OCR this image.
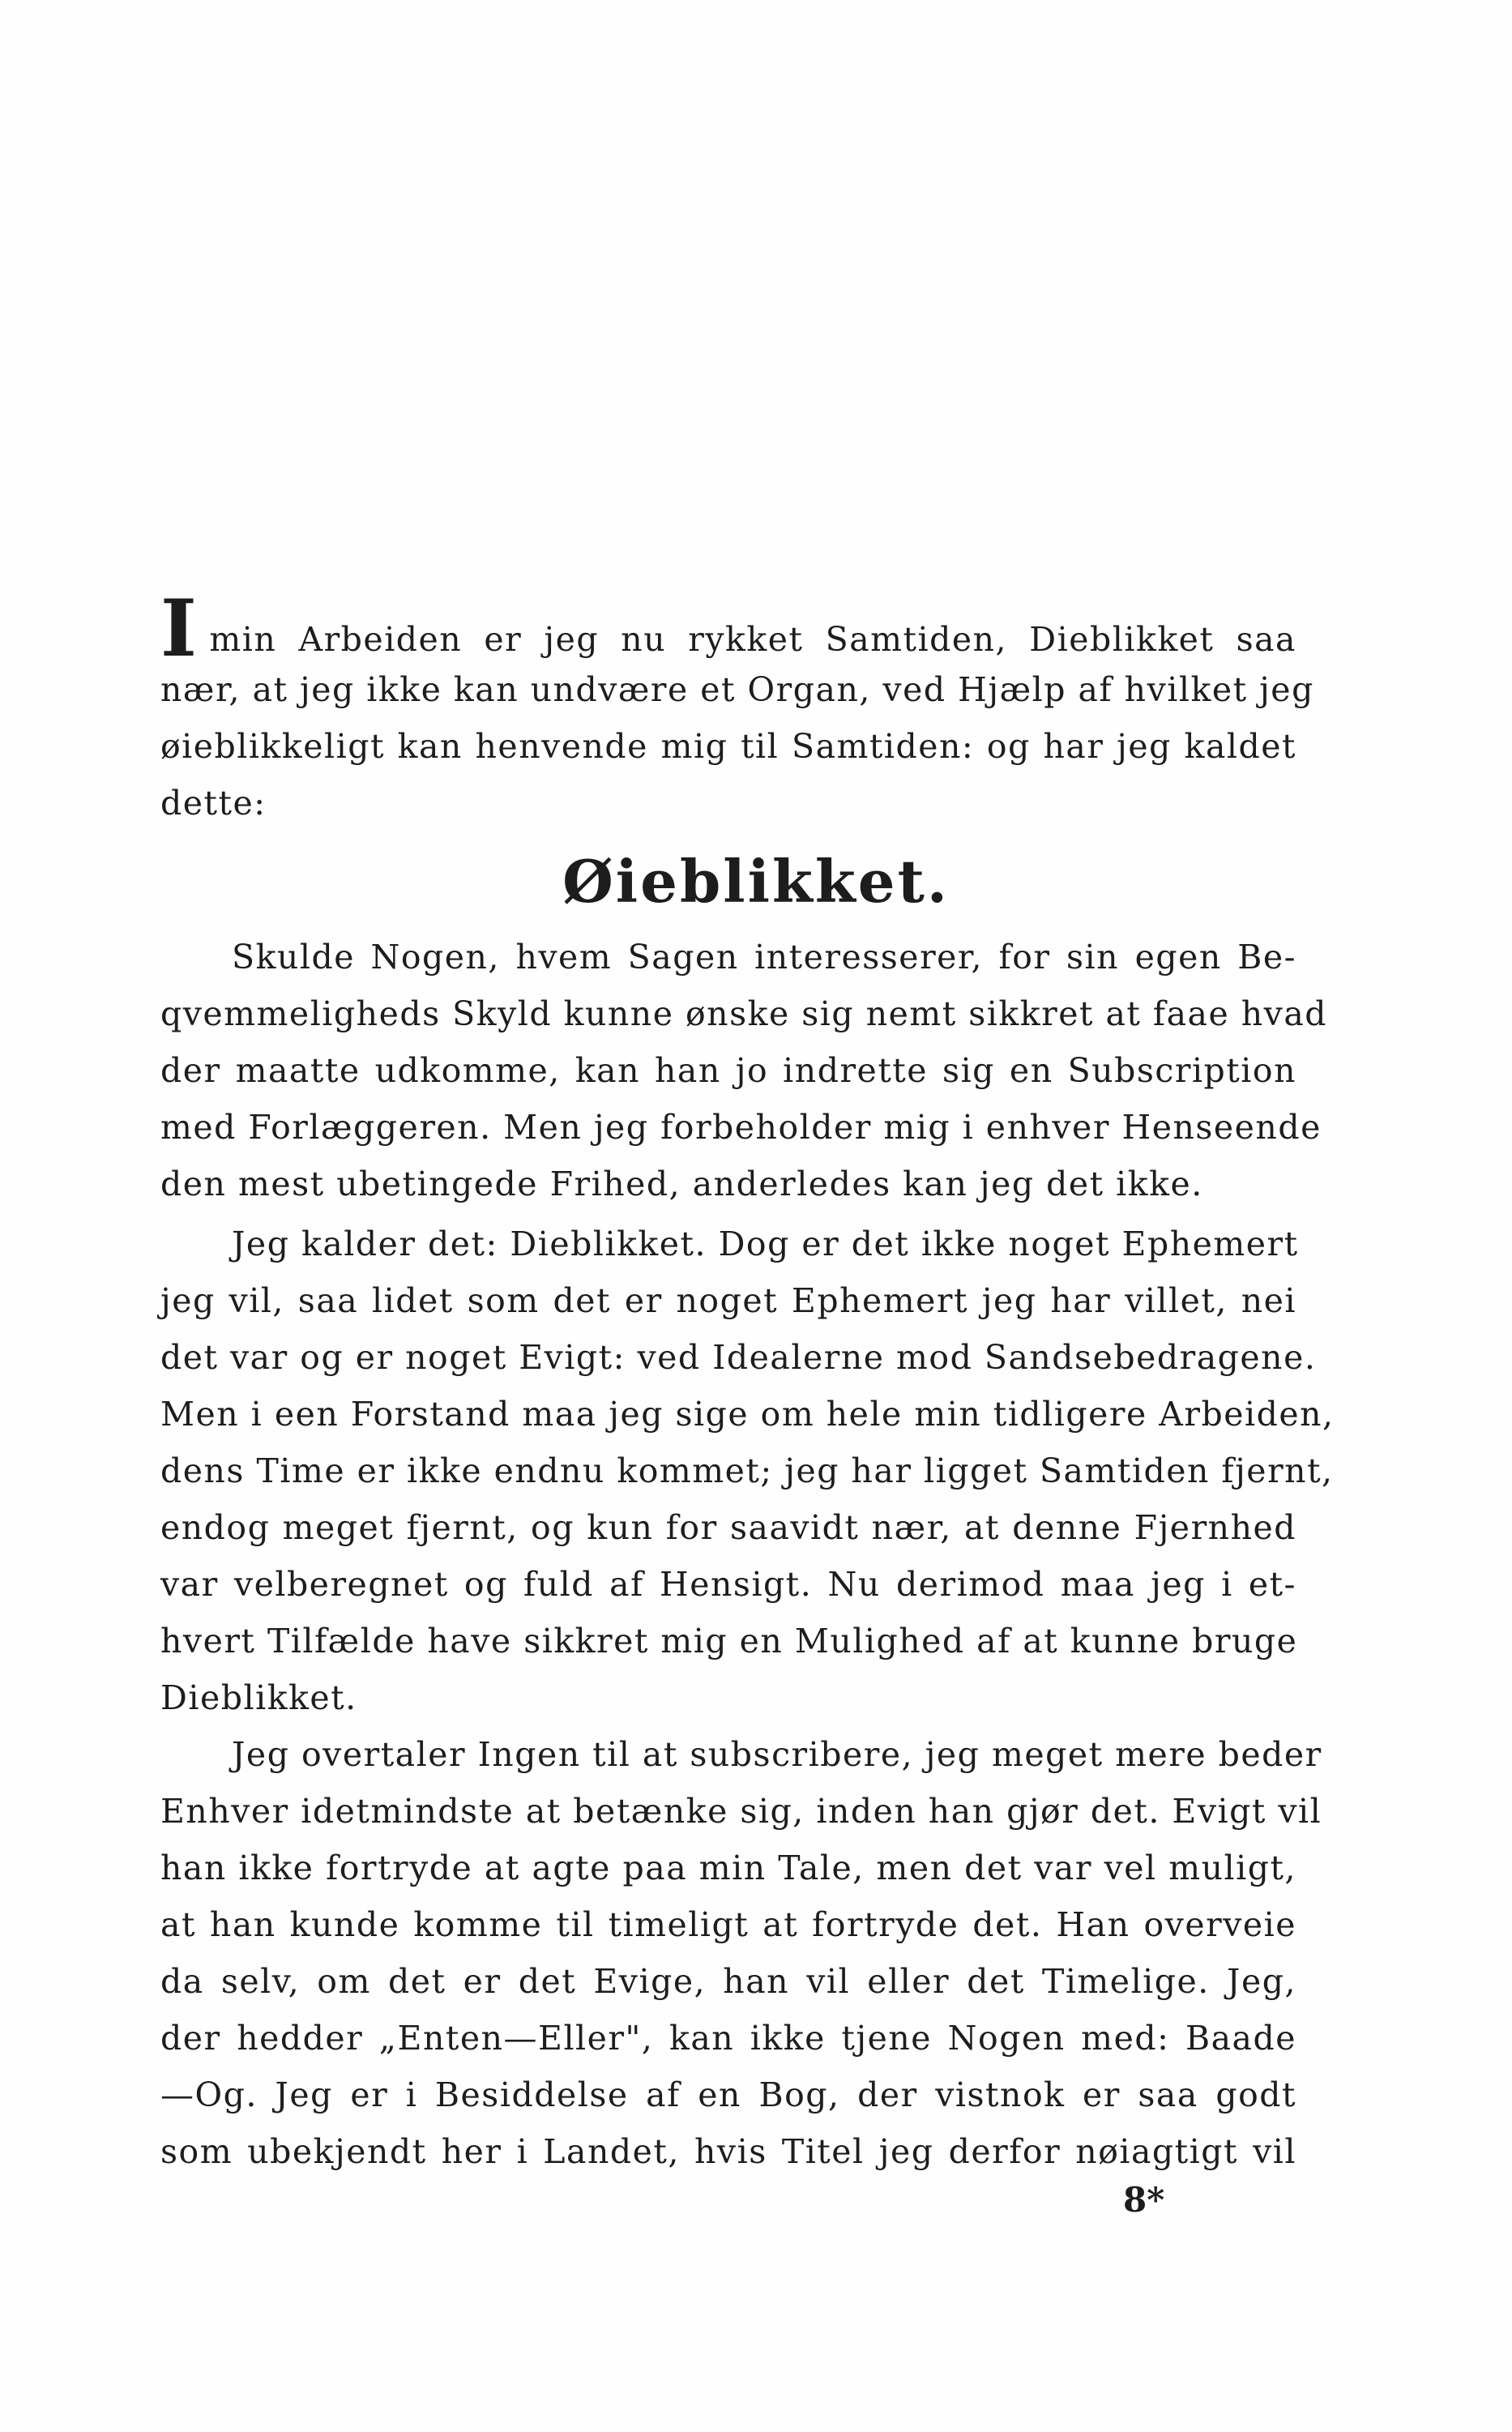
Imin Arbeiden er jeg nu rykket Samtiden, Dieblikket saa
nær, at jeg ikke kan undvære et Organ, ved Hjælp af hvilket jeg
øieblikkeligt kan henvende mig til Samtiden: og har jeg kaldet
dette:
Øieblikket.
Skulde Nogen, hvem Sagen interesserer, for sin egen Be-
qvemmeligheds Skyld kunne ønske sig nemt sikkret at faae hvad
der maatte udkomme, kan han jo indrette sig en Subscription
med Forlæggeren. Men jeg forbeholder mig i enhver Henseende
den mest ubetingede Frihed, anderledes kan jeg det ikke.
Jeg kalder det: Dieblikket. Dog er det ikke noget Ephemert
jeg vil, saa lidet som det er noget Ephemert jeg har villet, nei
det var og er noget Evigt: ved Idealerne mod Sandsebedragene.
Men i een Forstand maa jeg sige om hele min tidligere Arbeiden,
dens Time er ikke endnu kommet; jeg har ligget Samtiden fjernt,
endog meget fjernt, og kun for saavidt nær, at denne Fjernhed
var velberegnet og fuld af Hensigt. Nu derimod maa jeg i et-
hvert Tilfælde have sikkret mig en Mulighed af at kunne bruge
Dieblikket.
Jeg overtaler Ingen til at subscribere, jeg meget mere beder
Enhver idetmindste at betænke sig, inden han gjør det. Evigt vil
han ikke fortryde at agte paa min Tale, men det var vel muligt,
at han kunde komme til timeligt at fortryde det. Han overveie
da selv, om det er det Evige, han vil eller det Timelige. Jeg,
der hedder „Enten—Eller", kan ikke tjene Nogen med: Baade
—Og. Jeg er i Besiddelse af en Bog, der vistnok er saa godt
som ubekjendt her i Landet, hvis Titel jeg derfor nøiagtigt vil
8*
